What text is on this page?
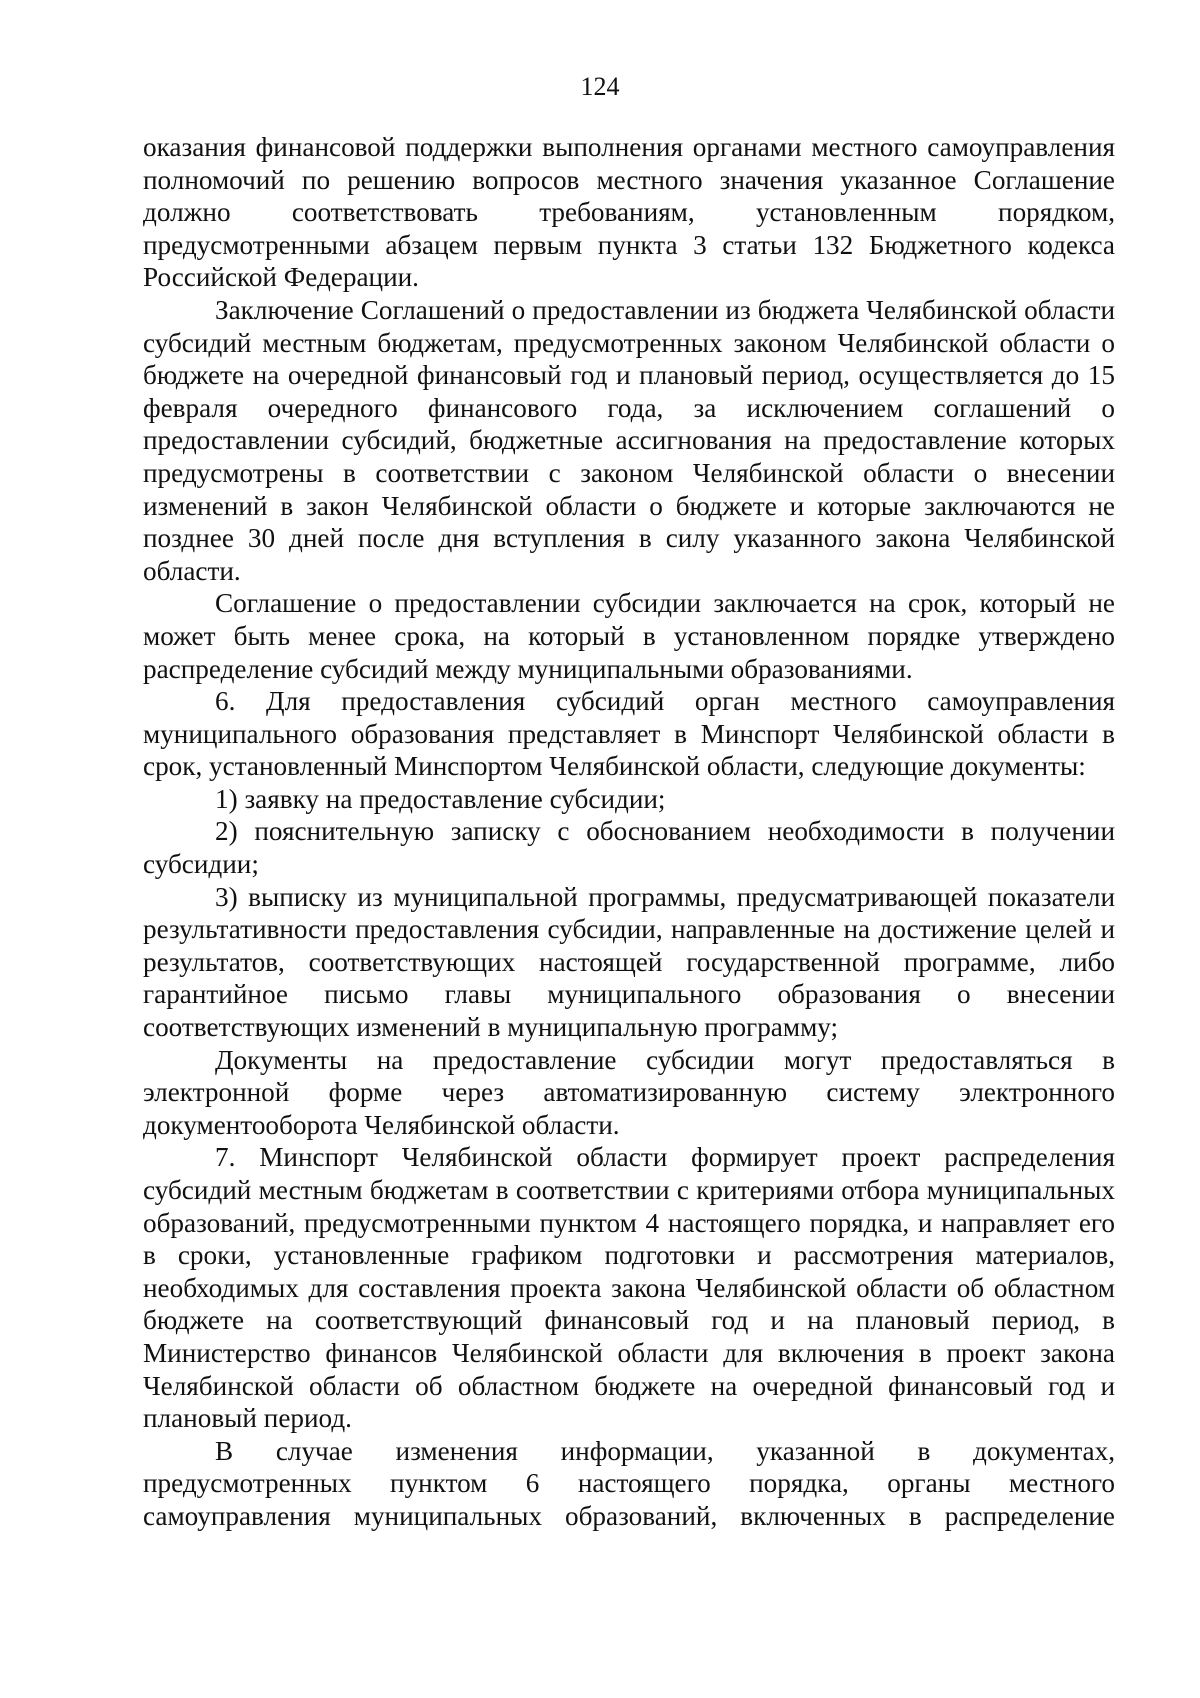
124

оказания финансовой поддержки выполнения органами местного самоуправления полномочий по решению вопросов местного значения указанное Соглашение должно соответствовать требованиям, установленным порядком, предусмотренными абзацем первым пункта 3 статьи 132 Бюджетного кодекса Российской Федерации.

Заключение Соглашений о предоставлении из бюджета Челябинской области субсидий местным бюджетам, предусмотренных законом Челябинской области о бюджете на очередной финансовый год и плановый период, осуществляется до 15 февраля очередного финансового года, за исключением соглашений о предоставлении субсидий, бюджетные ассигнования на предоставление которых предусмотрены в соответствии с законом Челябинской области о внесении изменений в закон Челябинской области о бюджете и которые заключаются не позднее 30 дней после дня вступления в силу указанного закона Челябинской области.

Соглашение о предоставлении субсидии заключается на срок, который не может быть менее срока, на который в установленном порядке утверждено распределение субсидий между муниципальными образованиями.

6. Для предоставления субсидий орган местного самоуправления муниципального образования представляет в Минспорт Челябинской области в срок, установленный Минспортом Челябинской области, следующие документы:

1) заявку на предоставление субсидии;

2) пояснительную записку с обоснованием необходимости в получении субсидии;

3) выписку из муниципальной программы, предусматривающей показатели результативности предоставления субсидии, направленные на достижение целей и результатов, соответствующих настоящей государственной программе, либо гарантийное письмо главы муниципального образования о внесении соответствующих изменений в муниципальную программу;

Документы на предоставление субсидии могут предоставляться в электронной форме через автоматизированную систему электронного документооборота Челябинской области.

7. Минспорт Челябинской области формирует проект распределения субсидий местным бюджетам в соответствии с критериями отбора муниципальных образований, предусмотренными пунктом 4 настоящего порядка, и направляет его в сроки, установленные графиком подготовки и рассмотрения материалов, необходимых для составления проекта закона Челябинской области об областном бюджете на соответствующий финансовый год и на плановый период, в Министерство финансов Челябинской области для включения в проект закона Челябинской области об областном бюджете на очередной финансовый год и плановый период.

В случае изменения информации, указанной в документах, предусмотренных пунктом 6 настоящего порядка, органы местного самоуправления муниципальных образований, включенных в распределение
